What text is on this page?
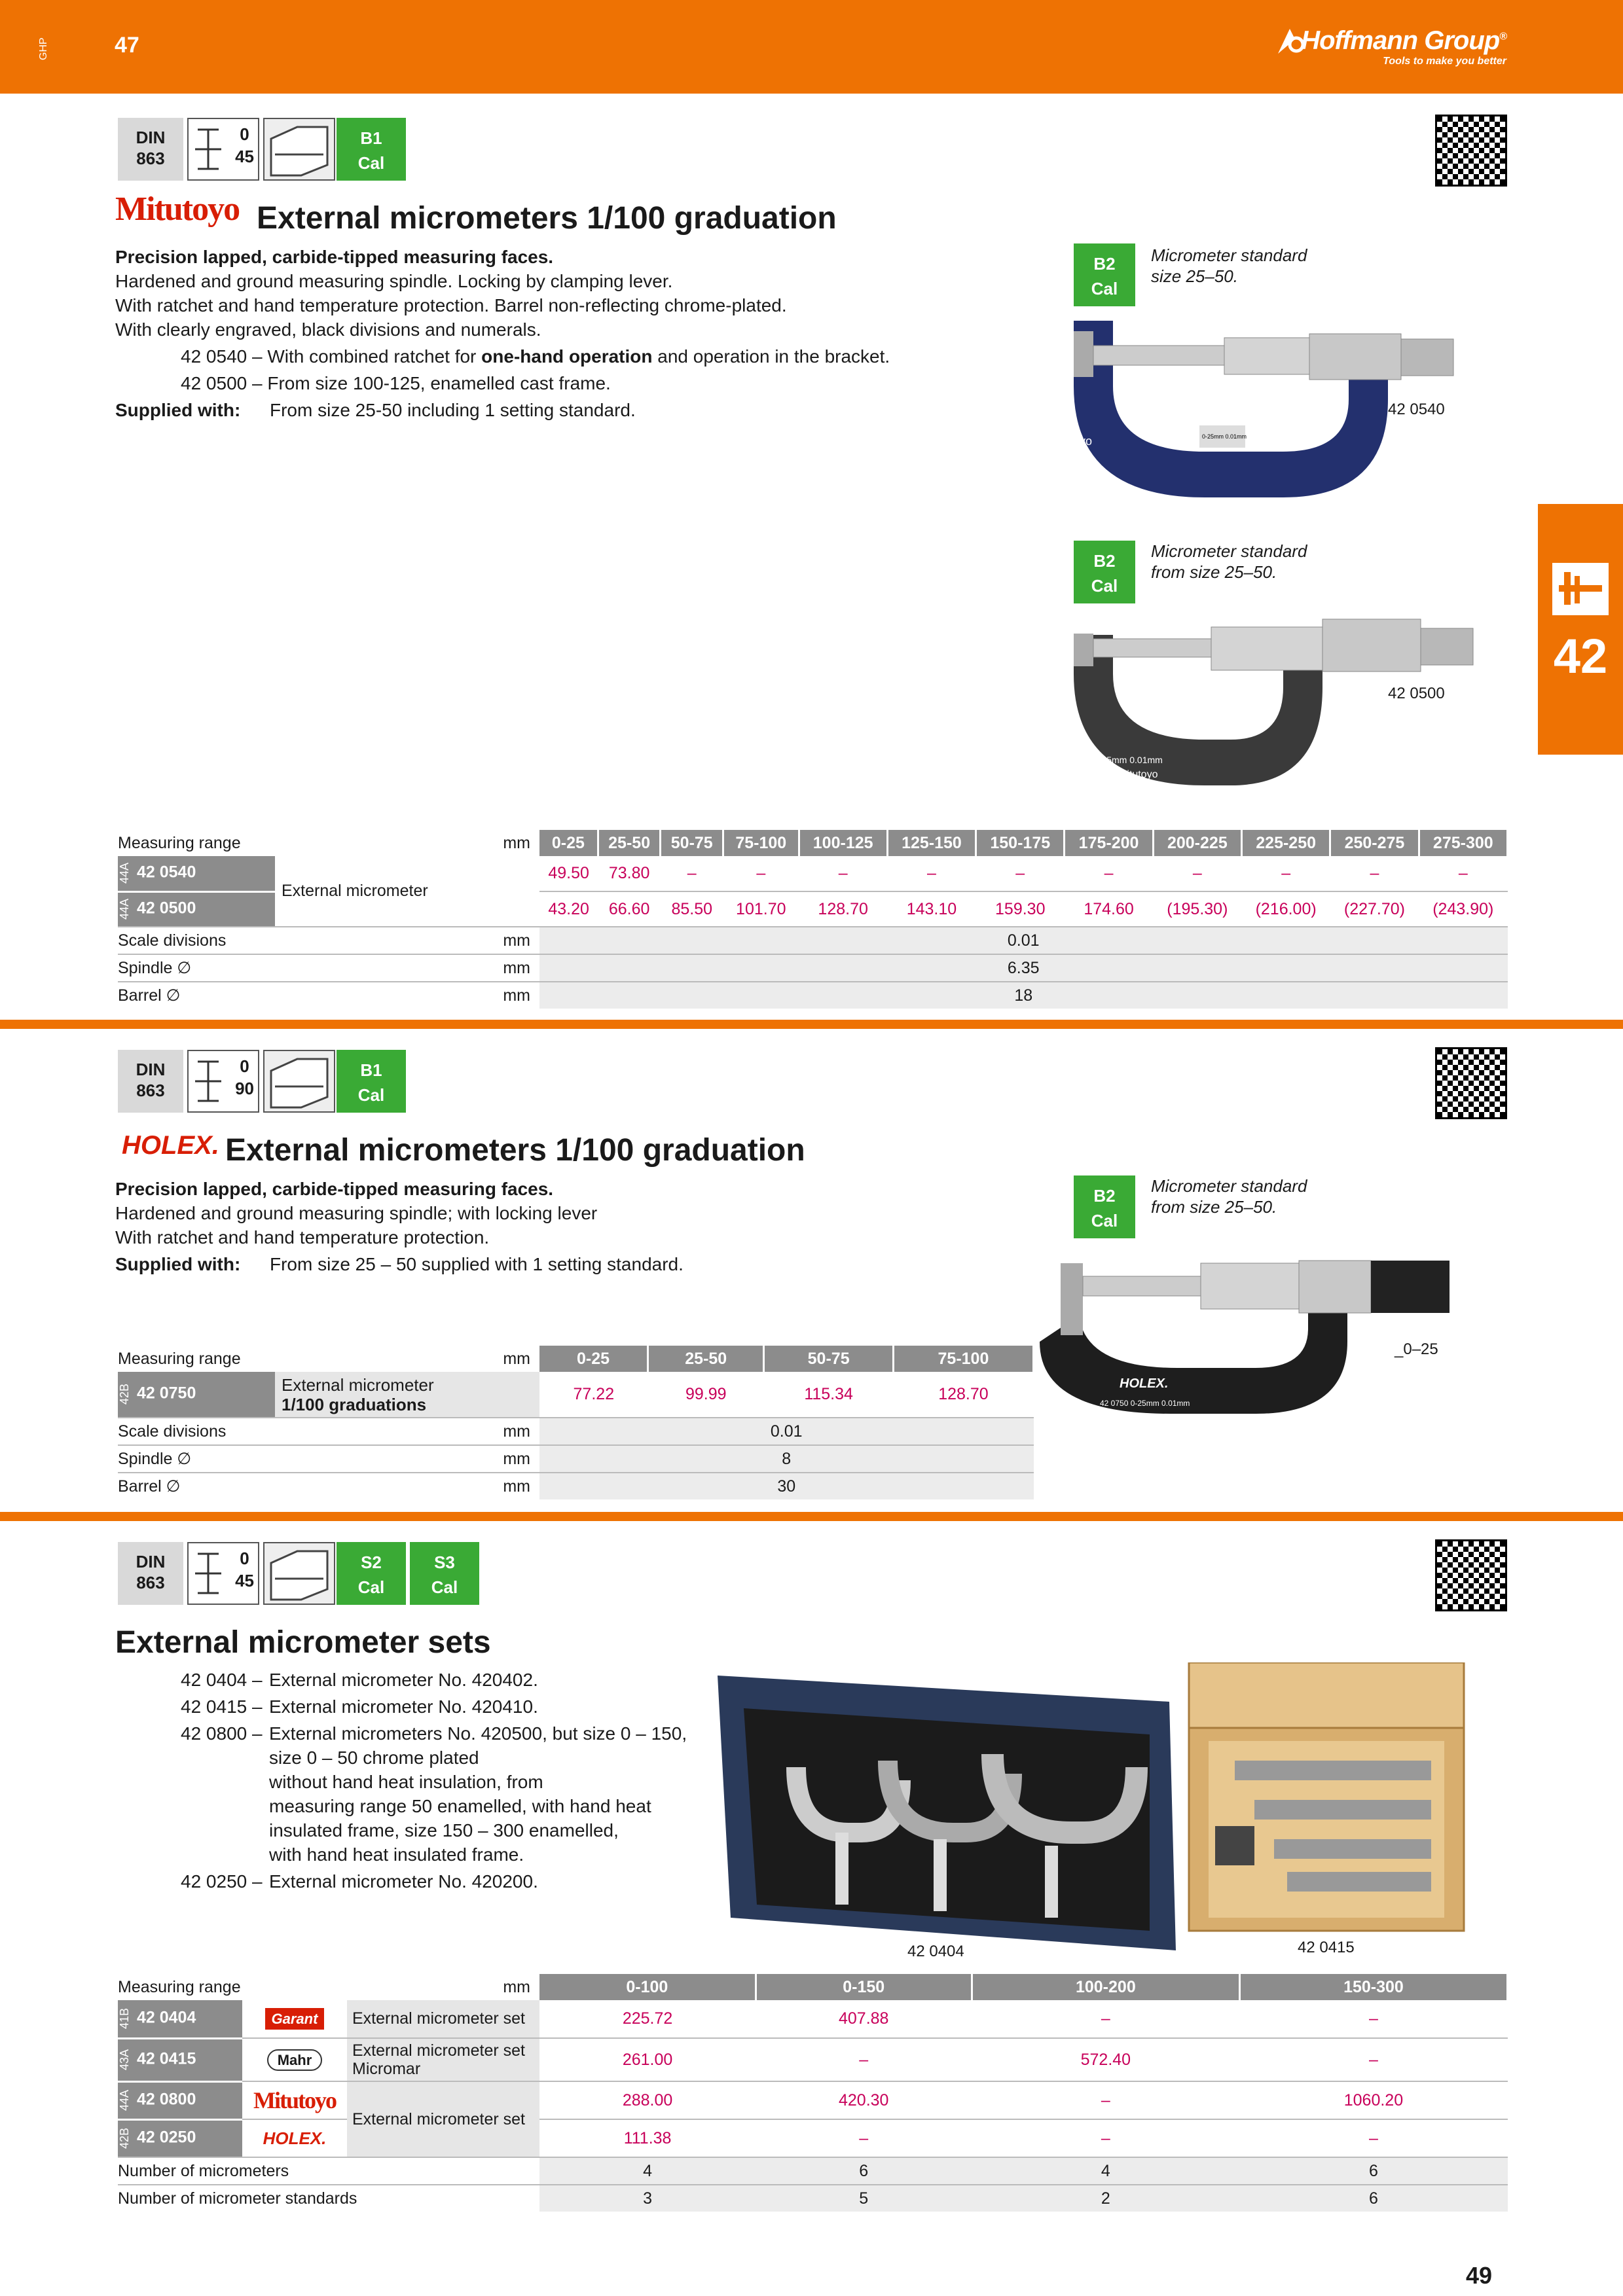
GHP	47	Hoffmann Group®
Tools to make you better
42
DIN
863
0
45
B1
Cal
Mitutoyo External micrometers 1/100 graduation
Precision lapped, carbide-tipped measuring faces.
Hardened and ground measuring spindle. Locking by clamping lever.
With ratchet and hand temperature protection. Barrel non-reflecting chrome-plated.
With clearly engraved, black divisions and numerals.
42 0540 – With combined ratchet for one-hand operation and operation in the bracket.
42 0500 – From size 100-125, enamelled cast frame.
Supplied with: From size 25-50 including 1 setting standard.
B2
Cal
Micrometer standard
size 25–50.
Mitutoyo	0-25mm 0.01mm
42 0540
B2
Cal
Micrometer standard
from size 25–50.
0-25mm 0.01mm
Mitutoyo
42 0500
Measuring range		mm	0-25	25-50	50-75	75-100	100-125	125-150	150-175	175-200	200-225	225-250	250-275	275-300
44A 42 0540	External micrometer		49.50	73.80	–	–	–	–	–	–	–	–	–	–
44A 42 0500			43.20	66.60	85.50	101.70	128.70	143.10	159.30	174.60	(195.30)	(216.00)	(227.70)	(243.90)
Scale divisions		mm	0.01											
Spindle ∅		mm	6.35											
Barrel ∅		mm	18											
DIN
863
0
90
B1
Cal
HOLEX. External micrometers 1/100 graduation
Precision lapped, carbide-tipped measuring faces.
Hardened and ground measuring spindle; with locking lever
With ratchet and hand temperature protection.
Supplied with: From size 25 – 50 supplied with 1 setting standard.
B2
Cal
Micrometer standard
from size 25–50.
HOLEX.
42 0750 0-25mm 0.01mm
_0–25
Measuring range		mm	0-25	25-50	50-75	75-100
42B 42 0750	External micrometer
1/100 graduations		77.22	99.99	115.34	128.70
Scale divisions		mm	0.01			
Spindle ∅		mm	8			
Barrel ∅		mm	30			
DIN
863
0
45
S2
Cal
S3
Cal
External micrometer sets
42 0404 – External micrometer No. 420402.
42 0415 – External micrometer No. 420410.
42 0800 – External micrometers No. 420500, but size 0 – 150,
size 0 – 50 chrome plated
without hand heat insulation, from
measuring range 50 enamelled, with hand heat
insulated frame, size 150 – 300 enamelled,
with hand heat insulated frame.
42 0250 – External micrometer No. 420200.
42 0404	42 0415
Measuring range		mm	0-100	0-150	100-200	150-300
41B 42 0404	Garant	External micrometer set	225.72	407.88	–	–
43A 42 0415	Mahr	External micrometer set
Micromar	261.00	–	572.40	–
44A 42 0800	Mitutoyo	External micrometer set	288.00	420.30	–	1060.20
42B 42 0250	HOLEX.		111.38	–	–	–
Number of micrometers			4	6	4	6
Number of micrometer standards			3	5	2	6
49
